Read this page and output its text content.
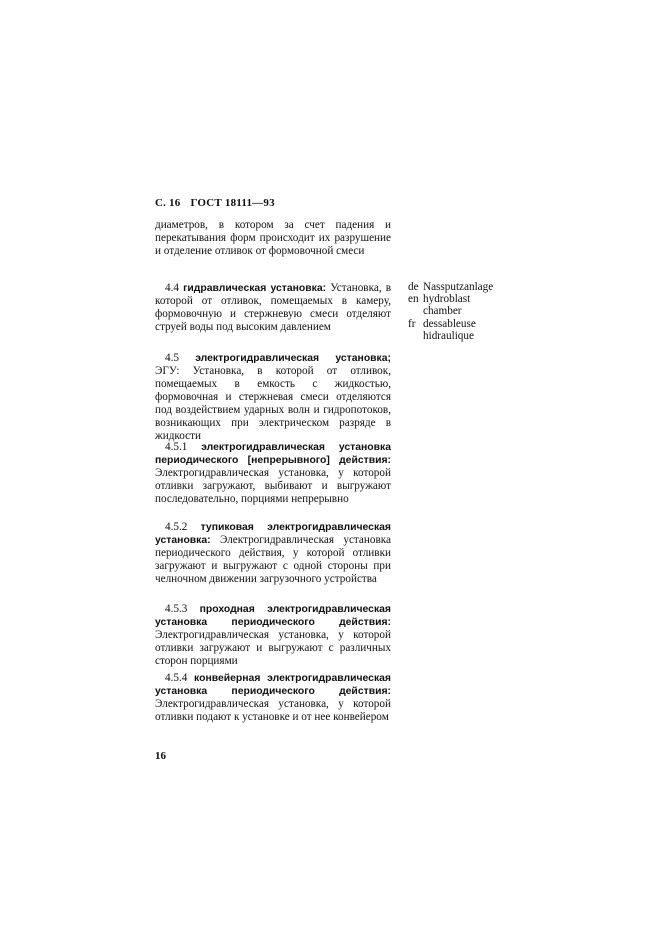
С. 16 ГОСТ 18111—93

диаметров, в котором за счет падения и перекатывания форм происходит их разрушение и отделение отливок от формовочной смеси

4.4 гидравлическая установка: Установка, в которой от отливок, помещаемых в камеру, формовочную и стержневую смеси отделяют струей воды под высоким давлением

de Nassputzanlage
en hydroblast chamber
fr dessableuse hidraulique

4.5 электрогидравлическая установка; ЭГУ: Установка, в которой от отливок, помещаемых в емкость с жидкостью, формовочная и стержневая смеси отделяются под воздействием ударных волн и гидропотоков, возникающих при электрическом разряде в жидкости

4.5.1 электрогидравлическая установка периодического [непрерывного] действия: Электрогидравлическая установка, у которой отливки загружают, выбивают и выгружают последовательно, порциями непрерывно

4.5.2 тупиковая электрогидравлическая установка: Электрогидравлическая установка периодического действия, у которой отливки загружают и выгружают с одной стороны при челночном движении загрузочного устройства

4.5.3 проходная электрогидравлическая установка периодического действия: Электрогидравлическая установка, у которой отливки загружают и выгружают с различных сторон порциями

4.5.4 конвейерная электрогидравлическая установка периодического действия: Электрогидравлическая установка, у которой отливки подают к установке и от нее конвейером

16
